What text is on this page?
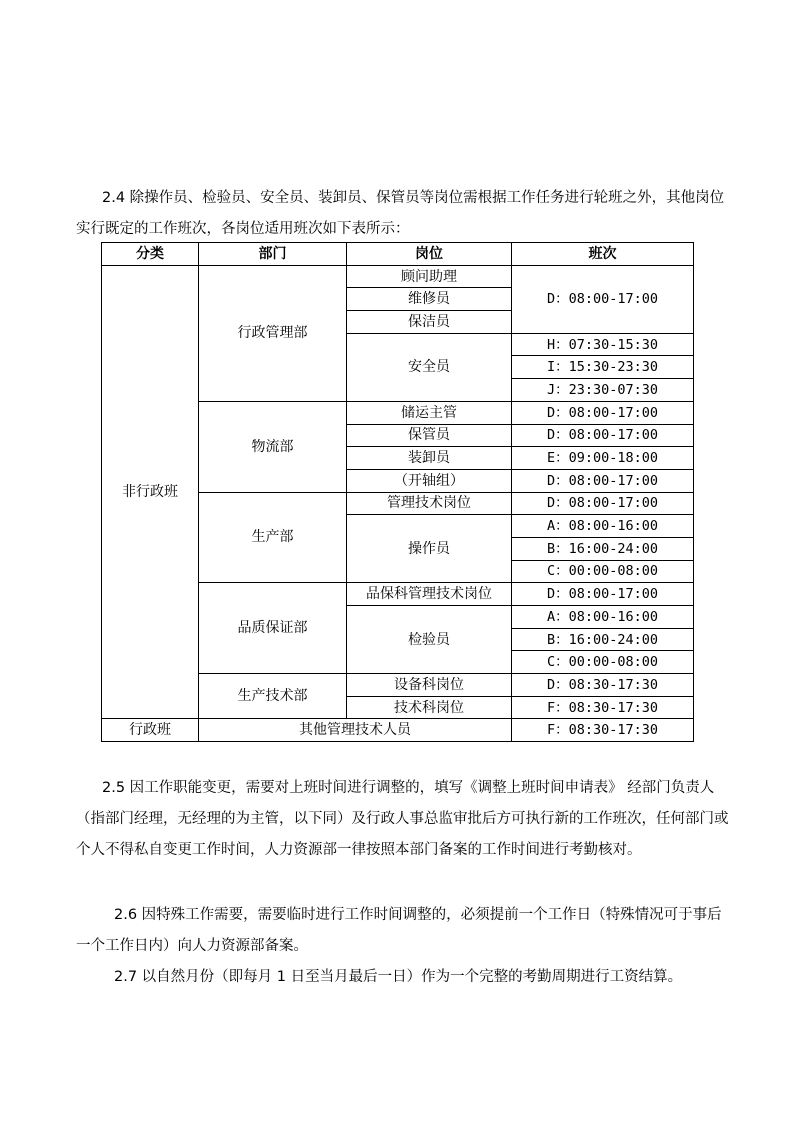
2.4 除操作员、检验员、安全员、装卸员、保管员等岗位需根据工作任务进行轮班之外，其他岗位实行既定的工作班次，各岗位适用班次如下表所示：
分类	部门	岗位	班次
非行政班	行政管理部	顾问助理	D：08:00-17:00
		维修员	
		保洁员	
		安全员	H：07:30-15:30
			I：15:30-23:30
			J：23:30-07:30
	物流部	储运主管	D：08:00-17:00
		保管员	D：08:00-17:00
		装卸员	E：09:00-18:00
		（开轴组）	D：08:00-17:00
	生产部	管理技术岗位	D：08:00-17:00
		操作员	A：08:00-16:00
			B：16:00-24:00
			C：00:00-08:00
	品质保证部	品保科管理技术岗位	D：08:00-17:00
		检验员	A：08:00-16:00
			B：16:00-24:00
			C：00:00-08:00
	生产技术部	设备科岗位	D：08:30-17:30
		技术科岗位	F：08:30-17:30
行政班	其他管理技术人员		F：08:30-17:30
2.5 因工作职能变更，需要对上班时间进行调整的，填写《调整上班时间申请表》 经部门负责人（指部门经理，无经理的为主管，以下同）及行政人事总监审批后方可执行新的工作班次，任何部门或个人不得私自变更工作时间，人力资源部一律按照本部门备案的工作时间进行考勤核对。
2.6 因特殊工作需要，需要临时进行工作时间调整的，必须提前一个工作日（特殊情况可于事后一个工作日内）向人力资源部备案。
2.7 以自然月份（即每月 1 日至当月最后一日）作为一个完整的考勤周期进行工资结算。
